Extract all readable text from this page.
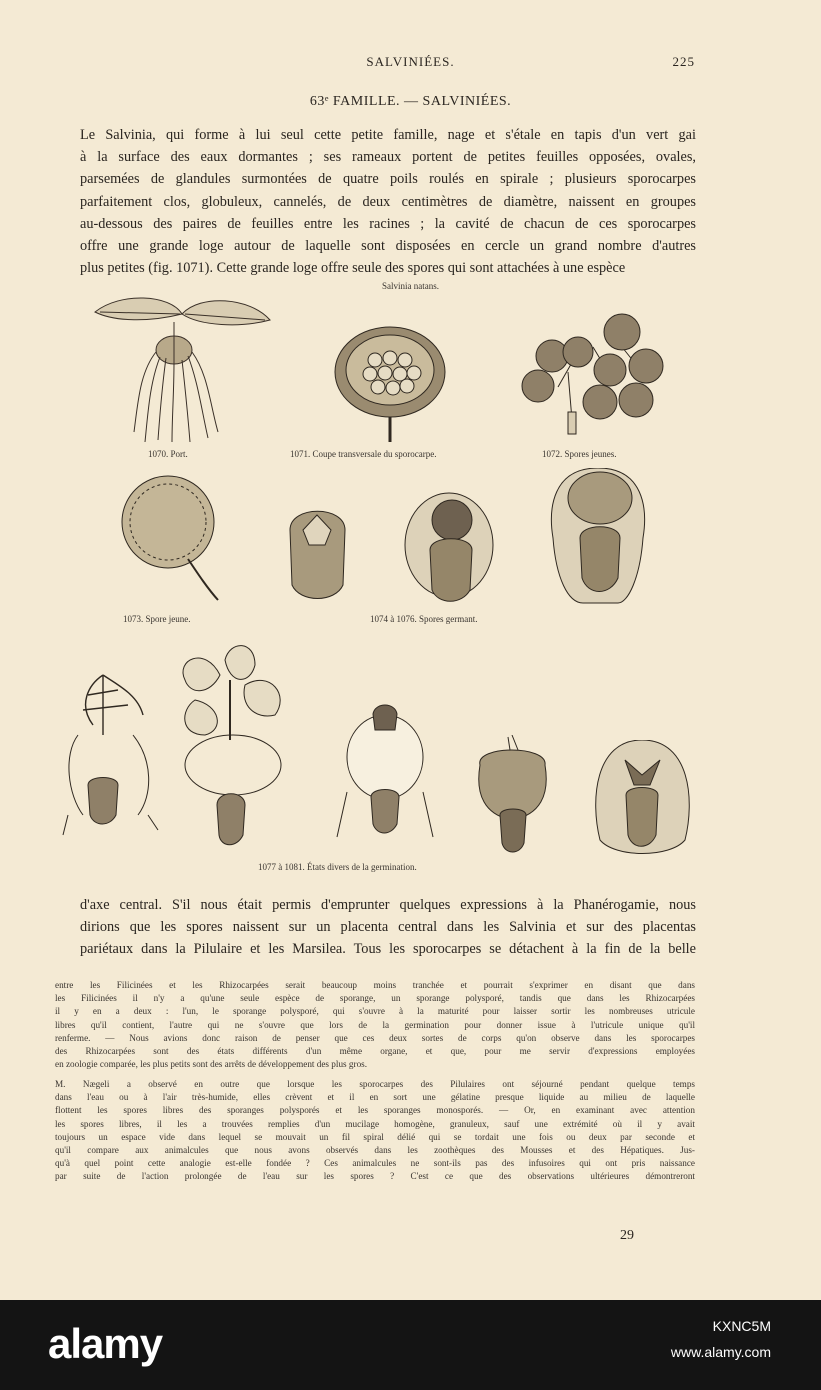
SALVINIÉES.	225
63ᵉ FAMILLE. — SALVINIÉES.
Le Salvinia, qui forme à lui seul cette petite famille, nage et s'étale en tapis d'un vert gai
à la surface des eaux dormantes ; ses rameaux portent de petites feuilles opposées, ovales,
parsemées de glandules surmontées de quatre poils roulés en spirale ; plusieurs sporocarpes
parfaitement clos, globuleux, cannelés, de deux centimètres de diamètre, naissent en groupes
au-dessous des paires de feuilles entre les racines ; la cavité de chacun de ces sporocarpes
offre une grande loge autour de laquelle sont disposées en cercle un grand nombre d'autres
plus petites (fig. 1071). Cette grande loge offre seule des spores qui sont attachées à une espèce
Salvinia natans.
1070. Port.	1071. Coupe transversale du sporocarpe.	1072. Spores jeunes.
1073. Spore jeune.	1074 à 1076. Spores germant.
1077 à 1081. États divers de la germination.
d'axe central. S'il nous était permis d'emprunter quelques expressions à la Phanérogamie, nous
dirions que les spores naissent sur un placenta central dans les Salvinia et sur des placentas
pariétaux dans la Pilulaire et les Marsilea. Tous les sporocarpes se détachent à la fin de la belle
entre les Filicinées et les Rhizocarpées serait beaucoup moins tranchée et pourrait s'exprimer en disant que dans
les Filicinées il n'y a qu'une seule espèce de sporange, un sporange polysporé, tandis que dans les Rhizocarpées
il y en a deux : l'un, le sporange polysporé, qui s'ouvre à la maturité pour laisser sortir les nombreuses utricule
libres qu'il contient, l'autre qui ne s'ouvre que lors de la germination pour donner issue à l'utricule unique qu'il
renferme. — Nous avions donc raison de penser que ces deux sortes de corps qu'on observe dans les sporocarpes
des Rhizocarpées sont des états différents d'un même organe, et que, pour me servir d'expressions employées
en zoologie comparée, les plus petits sont des arrêts de développement des plus gros.
M. Nægeli a observé en outre que lorsque les sporocarpes des Pilulaires ont séjourné pendant quelque temps
dans l'eau ou à l'air très-humide, elles crèvent et il en sort une gélatine presque liquide au milieu de laquelle
flottent les spores libres des sporanges polysporés et les sporanges monosporés. — Or, en examinant avec attention
les spores libres, il les a trouvées remplies d'un mucilage homogène, granuleux, sauf une extrémité où il y avait
toujours un espace vide dans lequel se mouvait un fil spiral délié qui se tordait une fois ou deux par seconde et
qu'il compare aux animalcules que nous avons observés dans les zoothèques des Mousses et des Hépatiques. Jus-
qu'à quel point cette analogie est-elle fondée ? Ces animalcules ne sont-ils pas des infusoires qui ont pris naissance
par suite de l'action prolongée de l'eau sur les spores ? C'est ce que des observations ultérieures démontreront
29
alamy	KXNC5M
www.alamy.com
